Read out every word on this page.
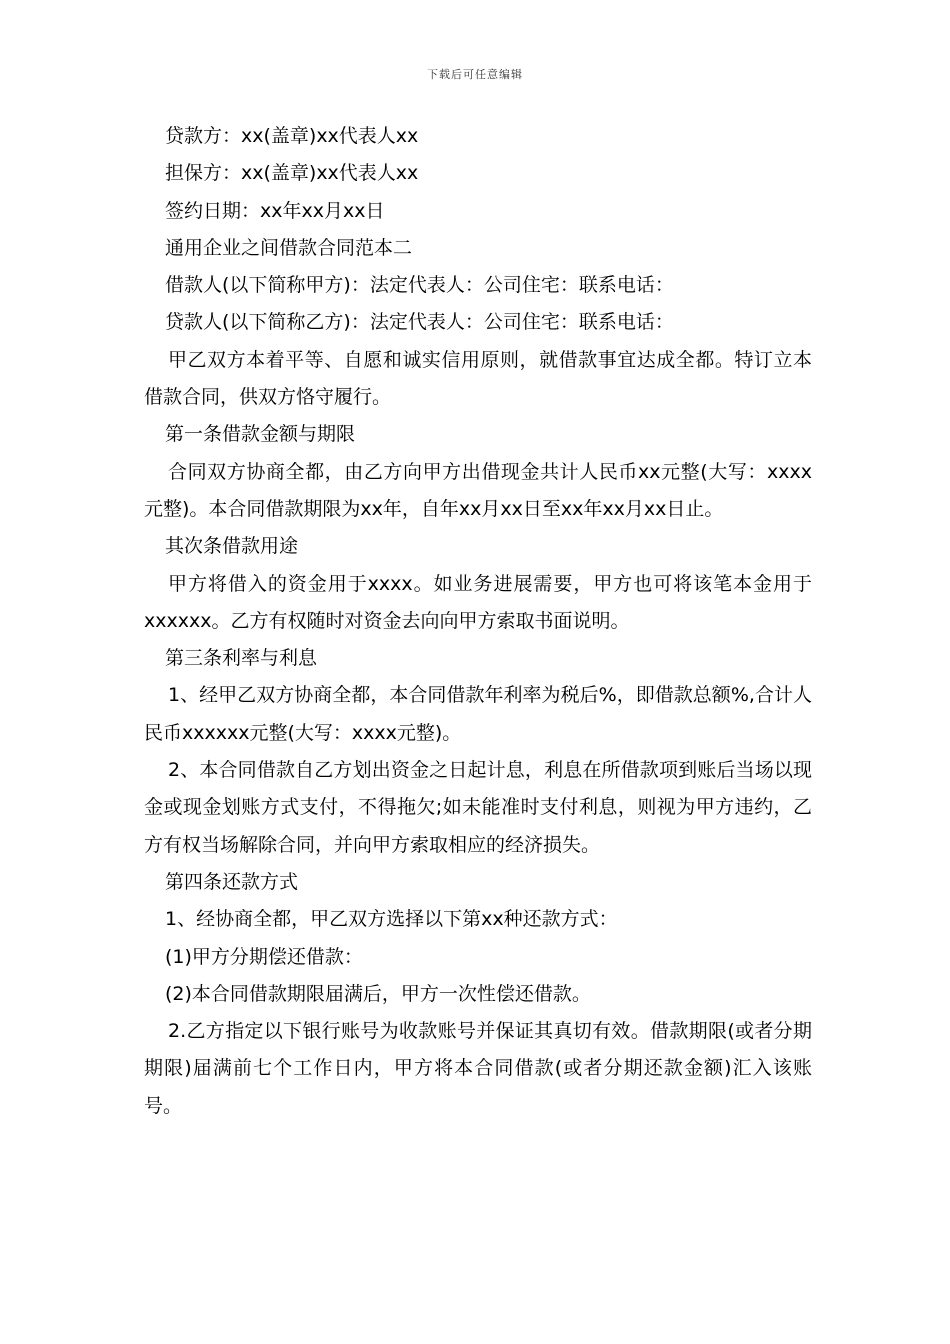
下载后可任意编辑

贷款方：xx(盖章)xx代表人xx

担保方：xx(盖章)xx代表人xx

签约日期：xx年xx月xx日

通用企业之间借款合同范本二

借款人(以下简称甲方)：法定代表人：公司住宅：联系电话：

贷款人(以下简称乙方)：法定代表人：公司住宅：联系电话：

甲乙双方本着平等、自愿和诚实信用原则，就借款事宜达成全都。特订立本借款合同，供双方恪守履行。

第一条借款金额与期限

合同双方协商全都，由乙方向甲方出借现金共计人民币xx元整(大写：xxxx元整)。本合同借款期限为xx年，自年xx月xx日至xx年xx月xx日止。

其次条借款用途

甲方将借入的资金用于xxxx。如业务进展需要，甲方也可将该笔本金用于xxxxxx。乙方有权随时对资金去向向甲方索取书面说明。

第三条利率与利息

1、经甲乙双方协商全都，本合同借款年利率为税后%，即借款总额%,合计人民币xxxxxx元整(大写：xxxx元整)。

2、本合同借款自乙方划出资金之日起计息，利息在所借款项到账后当场以现金或现金划账方式支付，不得拖欠;如未能准时支付利息，则视为甲方违约，乙方有权当场解除合同，并向甲方索取相应的经济损失。

第四条还款方式

1、经协商全都，甲乙双方选择以下第xx种还款方式：

(1)甲方分期偿还借款：

(2)本合同借款期限届满后，甲方一次性偿还借款。

2.乙方指定以下银行账号为收款账号并保证其真切有效。借款期限(或者分期期限)届满前七个工作日内，甲方将本合同借款(或者分期还款金额)汇入该账号。
